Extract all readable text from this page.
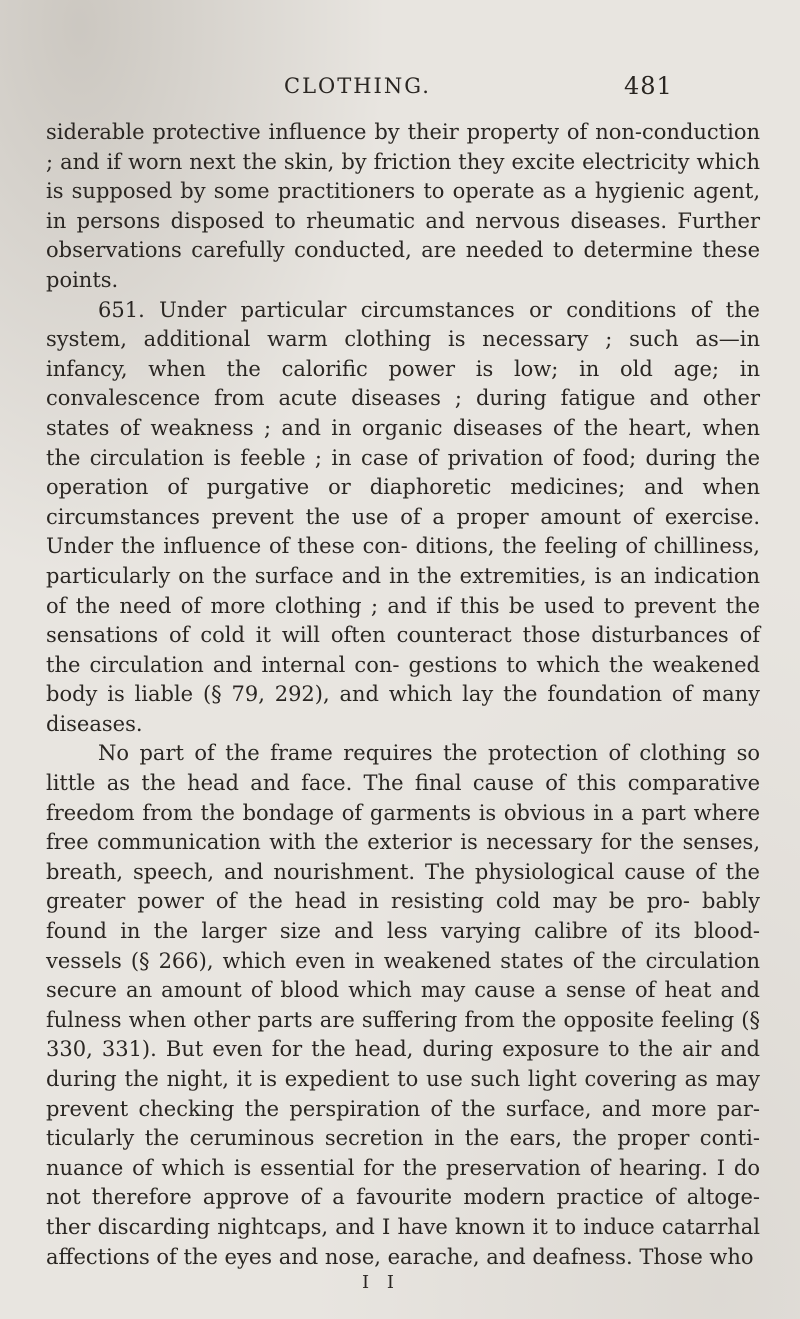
CLOTHING.	481

siderable protective influence by their property of non-conduction ; and if worn next the skin, by friction they excite electricity which is supposed by some practitioners to operate as a hygienic agent, in persons disposed to rheumatic and nervous diseases. Further observations carefully conducted, are needed to determine these points.

651. Under particular circumstances or conditions of the system, additional warm clothing is necessary ; such as—in infancy, when the calorific power is low; in old age; in convalescence from acute diseases ; during fatigue and other states of weakness ; and in organic diseases of the heart, when the circulation is feeble ; in case of privation of food; during the operation of purgative or diaphoretic medicines; and when circumstances prevent the use of a proper amount of exercise. Under the influence of these con- ditions, the feeling of chilliness, particularly on the surface and in the extremities, is an indication of the need of more clothing ; and if this be used to prevent the sensations of cold it will often counteract those disturbances of the circulation and internal con- gestions to which the weakened body is liable (§ 79, 292), and which lay the foundation of many diseases.

No part of the frame requires the protection of clothing so little as the head and face. The final cause of this comparative freedom from the bondage of garments is obvious in a part where free communication with the exterior is necessary for the senses, breath, speech, and nourishment. The physiological cause of the greater power of the head in resisting cold may be pro- bably found in the larger size and less varying calibre of its blood- vessels (§ 266), which even in weakened states of the circulation secure an amount of blood which may cause a sense of heat and fulness when other parts are suffering from the opposite feeling (§ 330, 331). But even for the head, during exposure to the air and during the night, it is expedient to use such light covering as may prevent checking the perspiration of the surface, and more par- ticularly the ceruminous secretion in the ears, the proper conti- nuance of which is essential for the preservation of hearing. I do not therefore approve of a favourite modern practice of altoge- ther discarding nightcaps, and I have known it to induce catarrhal affections of the eyes and nose, earache, and deafness. Those who

I I
